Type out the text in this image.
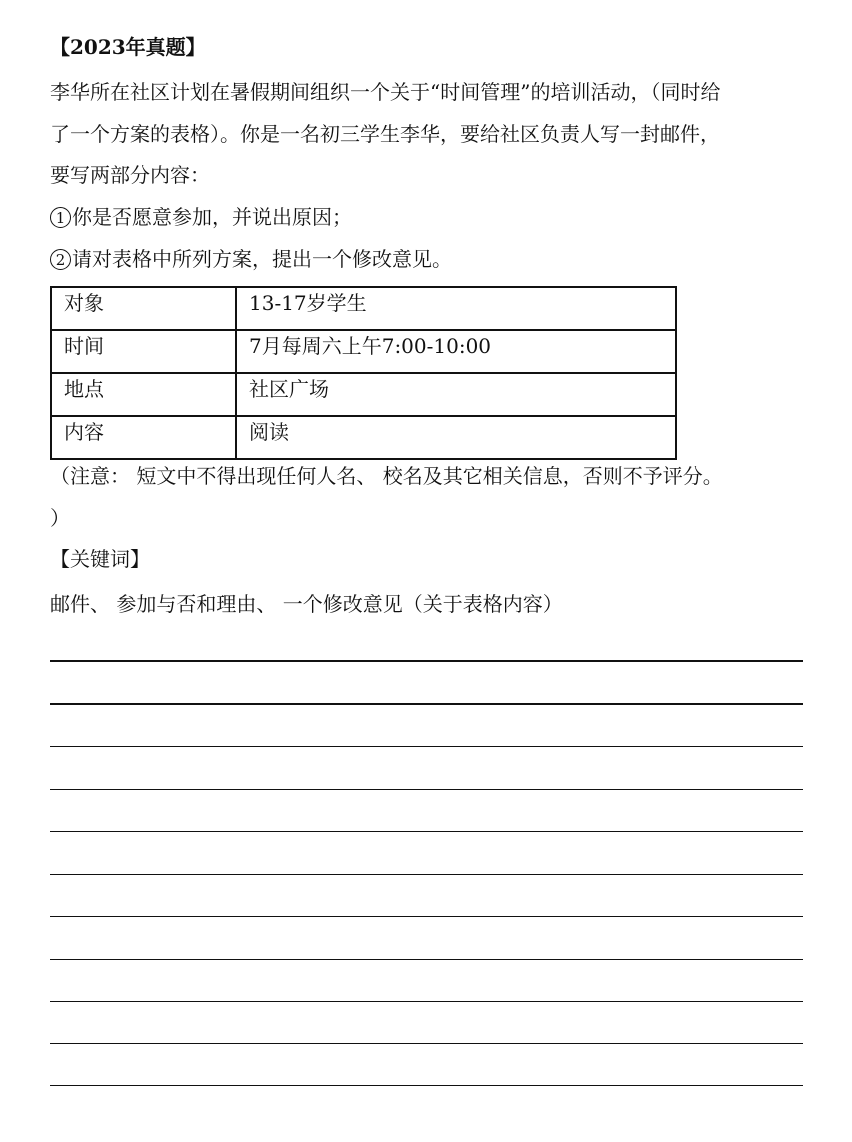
【2023年真题】
李华所在社区计划在暑假期间组织一个关于“时间管理”的培训活动，（同时给
了一个方案的表格）。你是一名初三学生李华，要给社区负责人写一封邮件，
要写两部分内容：
1 你是否愿意参加，并说出原因；
2 请对表格中所列方案，提出一个修改意见。
对象	13-17岁学生
时间	7月每周六上午7:00-10:00
地点	社区广场
内容	阅读
（注意： 短文中不得出现任何人名、 校名及其它相关信息，否则不予评分。
）
【关键词】
邮件、 参加与否和理由、 一个修改意见（关于表格内容）
